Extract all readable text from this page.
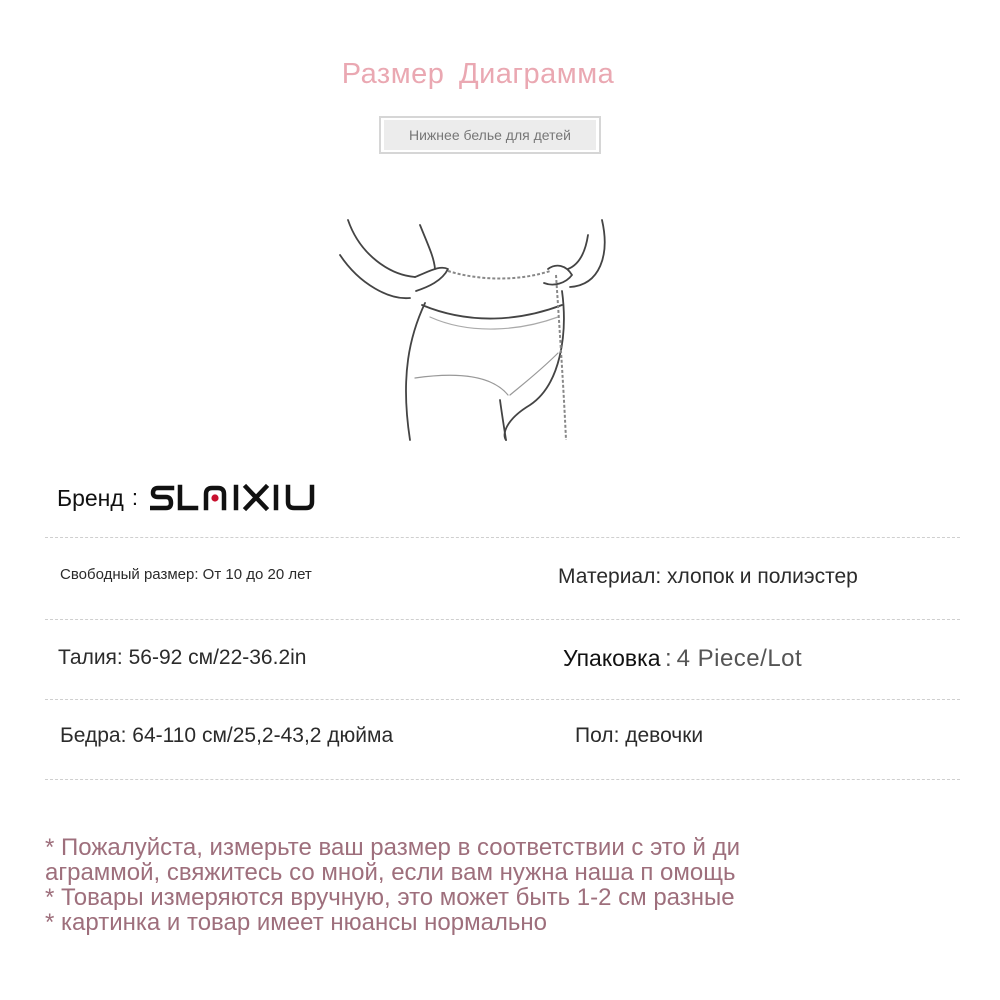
Размер Диаграмма
Нижнее белье для детей
Бренд :
Свободный размер: От 10 до 20 лет	Материал: хлопок и полиэстер
Талия: 56-92 см/22-36.2in	Упаковка : 4 Piece/Lot
Бедра: 64-110 см/25,2-43,2 дюйма	Пол: девочки
* Пожалуйста, измерьте ваш размер в соответствии с это й диаграммой, свяжитесь со мной, если вам нужна наша п омощь * Товары измеряются вручную, это может быть 1-2 см разные * картинка и товар имеет нюансы нормально
